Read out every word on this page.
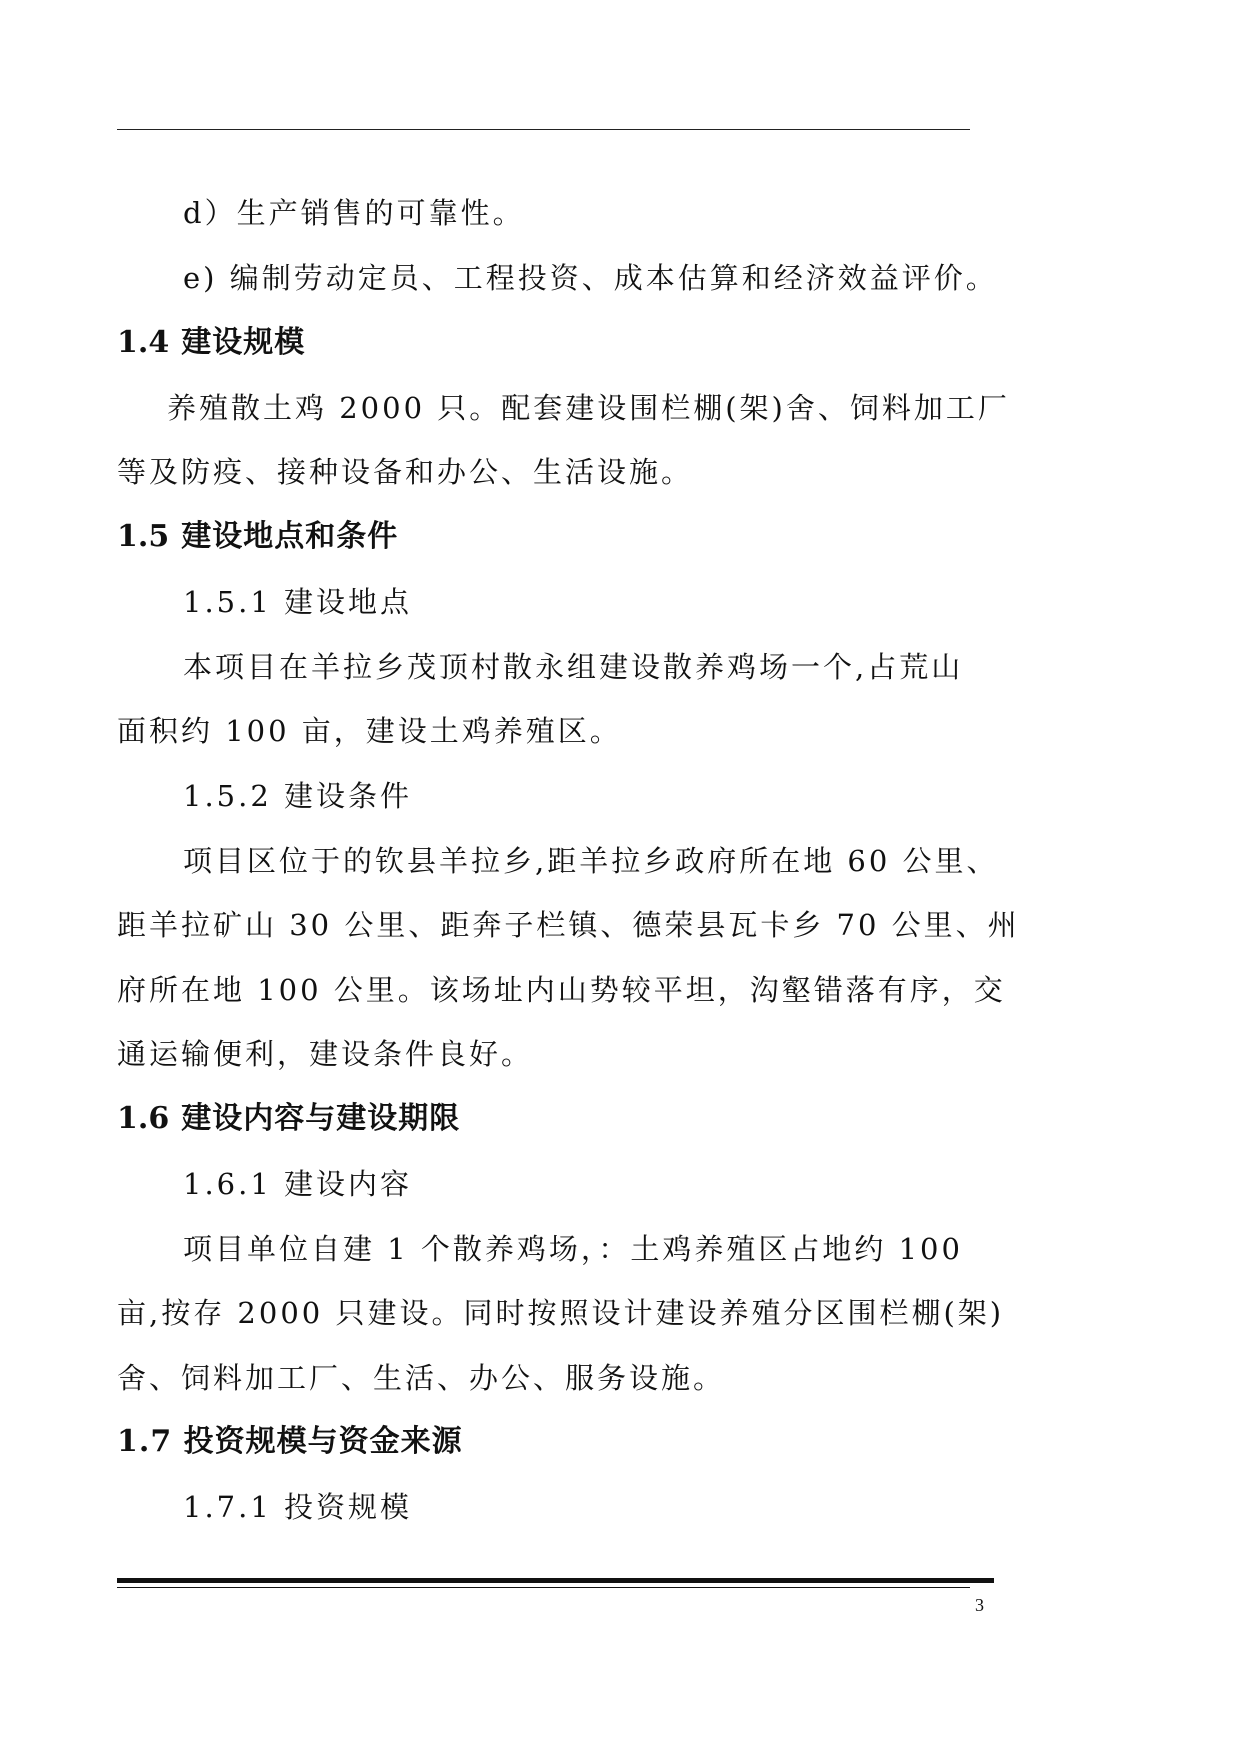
d）生产销售的可靠性。

e) 编制劳动定员、工程投资、成本估算和经济效益评价。

1.4 建设规模

养殖散土鸡 2000 只。配套建设围栏棚(架)舍、饲料加工厂

等及防疫、接种设备和办公、生活设施。

1.5 建设地点和条件

1.5.1 建设地点

本项目在羊拉乡茂顶村散永组建设散养鸡场一个,占荒山

面积约 100 亩，建设土鸡养殖区。

1.5.2 建设条件

项目区位于的钦县羊拉乡,距羊拉乡政府所在地 60 公里、

距羊拉矿山 30 公里、距奔子栏镇、德荣县瓦卡乡 70 公里、州

府所在地 100 公里。该场址内山势较平坦，沟壑错落有序，交

通运输便利，建设条件良好。

1.6 建设内容与建设期限

1.6.1 建设内容

项目单位自建 1 个散养鸡场，：土鸡养殖区占地约 100

亩,按存 2000 只建设。同时按照设计建设养殖分区围栏棚(架)

舍、饲料加工厂、生活、办公、服务设施。

1.7 投资规模与资金来源

1.7.1 投资规模

3
